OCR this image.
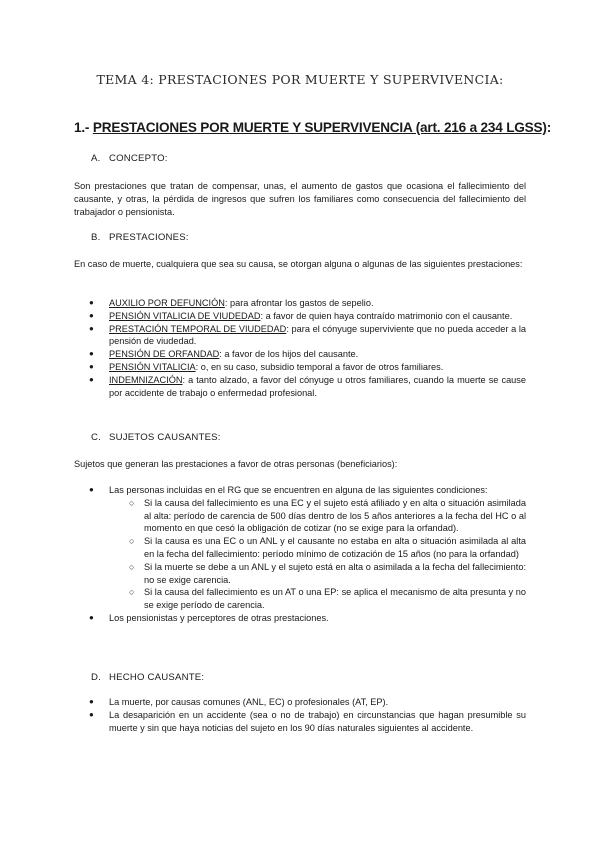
TEMA 4: PRESTACIONES POR MUERTE Y SUPERVIVENCIA:
1.- PRESTACIONES POR MUERTE Y SUPERVIVENCIA (art. 216 a 234 LGSS):
A. CONCEPTO:
Son prestaciones que tratan de compensar, unas, el aumento de gastos que ocasiona el fallecimiento del causante, y otras, la pérdida de ingresos que sufren los familiares como consecuencia del fallecimiento del trabajador o pensionista.
B. PRESTACIONES:
En caso de muerte, cualquiera que sea su causa, se otorgan alguna o algunas de las siguientes prestaciones:
● AUXILIO POR DEFUNCIÓN: para afrontar los gastos de sepelio.
● PENSIÓN VITALICIA DE VIUDEDAD: a favor de quien haya contraído matrimonio con el causante.
● PRESTACIÓN TEMPORAL DE VIUDEDAD: para el cónyuge superviviente que no pueda acceder a la pensión de viudedad.
● PENSIÓN DE ORFANDAD: a favor de los hijos del causante.
● PENSIÓN VITALICIA: o, en su caso, subsidio temporal a favor de otros familiares.
● INDEMNIZACIÓN: a tanto alzado, a favor del cónyuge u otros familiares, cuando la muerte se cause por accidente de trabajo o enfermedad profesional.
C. SUJETOS CAUSANTES:
Sujetos que generan las prestaciones a favor de otras personas (beneficiarios):
● Las personas incluidas en el RG que se encuentren en alguna de las siguientes condiciones:
○ Si la causa del fallecimiento es una EC y el sujeto está afiliado y en alta o situación asimilada al alta: período de carencia de 500 días dentro de los 5 años anteriores a la fecha del HC o al momento en que cesó la obligación de cotizar (no se exige para la orfandad).
○ Si la causa es una EC o un ANL y el causante no estaba en alta o situación asimilada al alta en la fecha del fallecimiento: período mínimo de cotización de 15 años (no para la orfandad)
○ Si la muerte se debe a un ANL y el sujeto está en alta o asimilada a la fecha del fallecimiento: no se exige carencia.
○ Si la causa del fallecimiento es un AT o una EP: se aplica el mecanismo de alta presunta y no se exige período de carencia.
● Los pensionistas y perceptores de otras prestaciones.
D. HECHO CAUSANTE:
● La muerte, por causas comunes (ANL, EC) o profesionales (AT, EP).
● La desaparición en un accidente (sea o no de trabajo) en circunstancias que hagan presumible su muerte y sin que haya noticias del sujeto en los 90 días naturales siguientes al accidente.
